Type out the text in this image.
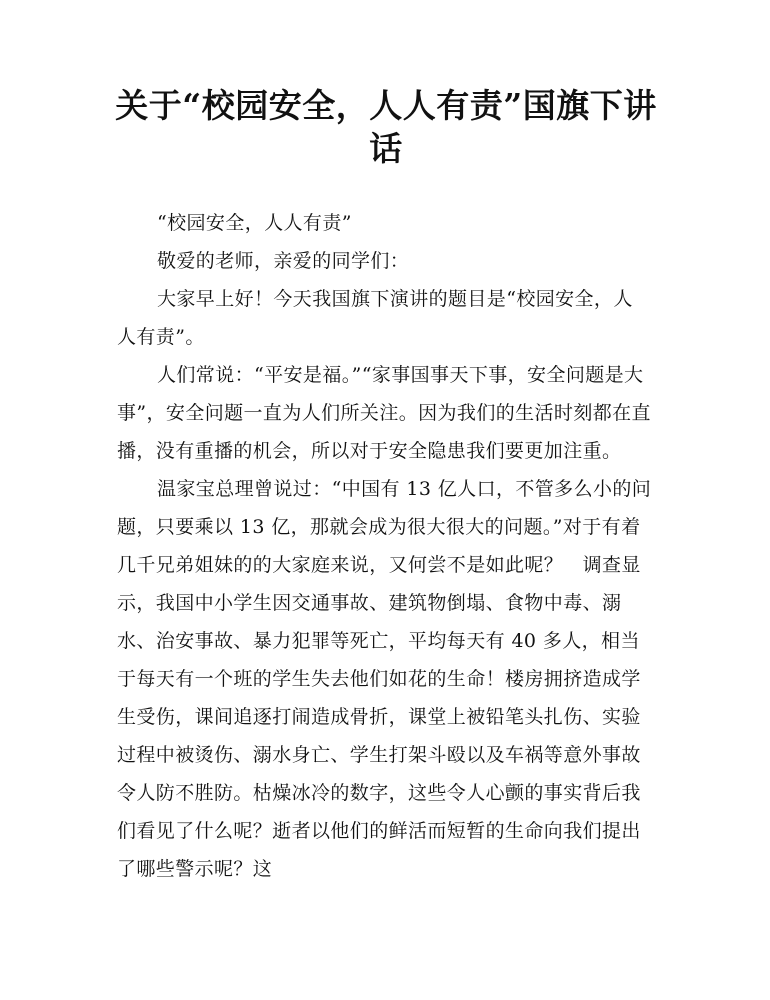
关于“校园安全，人人有责”国旗下讲话

“校园安全，人人有责”

敬爱的老师，亲爱的同学们：

大家早上好！今天我国旗下演讲的题目是“校园安全，人人有责”。

人们常说：“平安是福。”“家事国事天下事，安全问题是大事”，安全问题一直为人们所关注。因为我们的生活时刻都在直播，没有重播的机会，所以对于安全隐患我们要更加注重。

温家宝总理曾说过：“中国有 13 亿人口，不管多么小的问题，只要乘以 13 亿，那就会成为很大很大的问题。”对于有着几千兄弟姐妹的的大家庭来说，又何尝不是如此呢？　调查显示，我国中小学生因交通事故、建筑物倒塌、食物中毒、溺水、治安事故、暴力犯罪等死亡，平均每天有 40 多人，相当于每天有一个班的学生失去他们如花的生命！楼房拥挤造成学生受伤，课间追逐打闹造成骨折，课堂上被铅笔头扎伤、实验过程中被烫伤、溺水身亡、学生打架斗殴以及车祸等意外事故令人防不胜防。枯燥冰冷的数字，这些令人心颤的事实背后我们看见了什么呢？逝者以他们的鲜活而短暂的生命向我们提出了哪些警示呢？这
